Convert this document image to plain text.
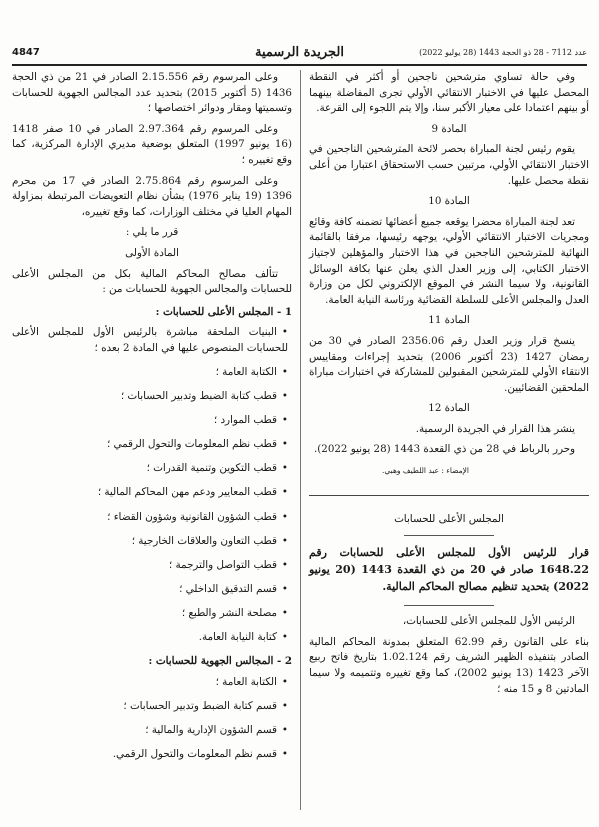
4847	الجريدة الرسمية	عدد 7112 - 28 ذو الحجة 1443 (28 يوليو 2022)

وفي حالة تساوي مترشحين ناجحين أو أكثر في النقطة المحصل عليها في الاختبار الانتقائي الأولي تجرى المفاضلة بينهما أو بينهم اعتمادا على معيار الأكبر سنا، وإلا يتم اللجوء إلى القرعة.

المادة 9

يقوم رئيس لجنة المباراة بحصر لائحة المترشحين الناجحين في الاختبار الانتقائي الأولي، مرتبين حسب الاستحقاق اعتبارا من أعلى نقطة محصل عليها.

المادة 10

تعد لجنة المباراة محضرا يوقعه جميع أعضائها تضمنه كافة وقائع ومجريات الاختبار الانتقائي الأولي، يوجهه رئيسها، مرفقا بالقائمة النهائية للمترشحين الناجحين في هذا الاختبار والمؤهلين لاجتياز الاختبار الكتابي، إلى وزير العدل الذي يعلن عنها بكافة الوسائل القانونية، ولا سيما النشر في الموقع الإلكتروني لكل من وزارة العدل والمجلس الأعلى للسلطة القضائية ورئاسة النيابة العامة.

المادة 11

ينسخ قرار وزير العدل رقم 2356.06 الصادر في 30 من رمضان 1427 (23 أكتوبر 2006) بتحديد إجراءات ومقاييس الانتقاء الأولي للمترشحين المقبولين للمشاركة في اختبارات مباراة الملحقين القضائيين.

المادة 12

ينشر هذا القرار في الجريدة الرسمية.

وحرر بالرباط في 28 من ذي القعدة 1443 (28 يونيو 2022).

الإمضاء : عبد اللطيف وهبي.

المجلس الأعلى للحسابات

قرار للرئيس الأول للمجلس الأعلى للحسابات رقم 1648.22 صادر في 20 من ذي القعدة 1443 (20 يونيو 2022) بتحديد تنظيم مصالح المحاكم المالية.

الرئيس الأول للمجلس الأعلى للحسابات،

بناء على القانون رقم 62.99 المتعلق بمدونة المحاكم المالية الصادر بتنفيذه الظهير الشريف رقم 1.02.124 بتاريخ فاتح ربيع الآخر 1423 (13 يونيو 2002)، كما وقع تغييره وتتميمه ولا سيما المادتين 8 و 15 منه ؛

وعلى المرسوم رقم 2.15.556 الصادر في 21 من ذي الحجة 1436 (5 أكتوبر 2015) بتحديد عدد المجالس الجهوية للحسابات وتسميتها ومقار ودوائر اختصاصها ؛

وعلى المرسوم رقم 2.97.364 الصادر في 10 صفر 1418 (16 يونيو 1997) المتعلق بوضعية مديري الإدارة المركزية، كما وقع تغييره ؛

وعلى المرسوم رقم 2.75.864 الصادر في 17 من محرم 1396 (19 يناير 1976) بشأن نظام التعويضات المرتبطة بمزاولة المهام العليا في مختلف الوزارات، كما وقع تغييره،

قرر ما يلي :

المادة الأولى

تتألف مصالح المحاكم المالية بكل من المجلس الأعلى للحسابات والمجالس الجهوية للحسابات من :

1 - المجلس الأعلى للحسابات :

• البنيات الملحقة مباشرة بالرئيس الأول للمجلس الأعلى للحسابات المنصوص عليها في المادة 2 بعده ؛
• الكتابة العامة ؛
• قطب كتابة الضبط وتدبير الحسابات ؛
• قطب الموارد ؛
• قطب نظم المعلومات والتحول الرقمي ؛
• قطب التكوين وتنمية القدرات ؛
• قطب المعايير ودعم مهن المحاكم المالية ؛
• قطب الشؤون القانونية وشؤون القضاء ؛
• قطب التعاون والعلاقات الخارجية ؛
• قطب التواصل والترجمة ؛
• قسم التدقيق الداخلي ؛
• مصلحة النشر والطبع ؛
• كتابة النيابة العامة.

2 - المجالس الجهوية للحسابات :

• الكتابة العامة ؛
• قسم كتابة الضبط وتدبير الحسابات ؛
• قسم الشؤون الإدارية والمالية ؛
• قسم نظم المعلومات والتحول الرقمي.
